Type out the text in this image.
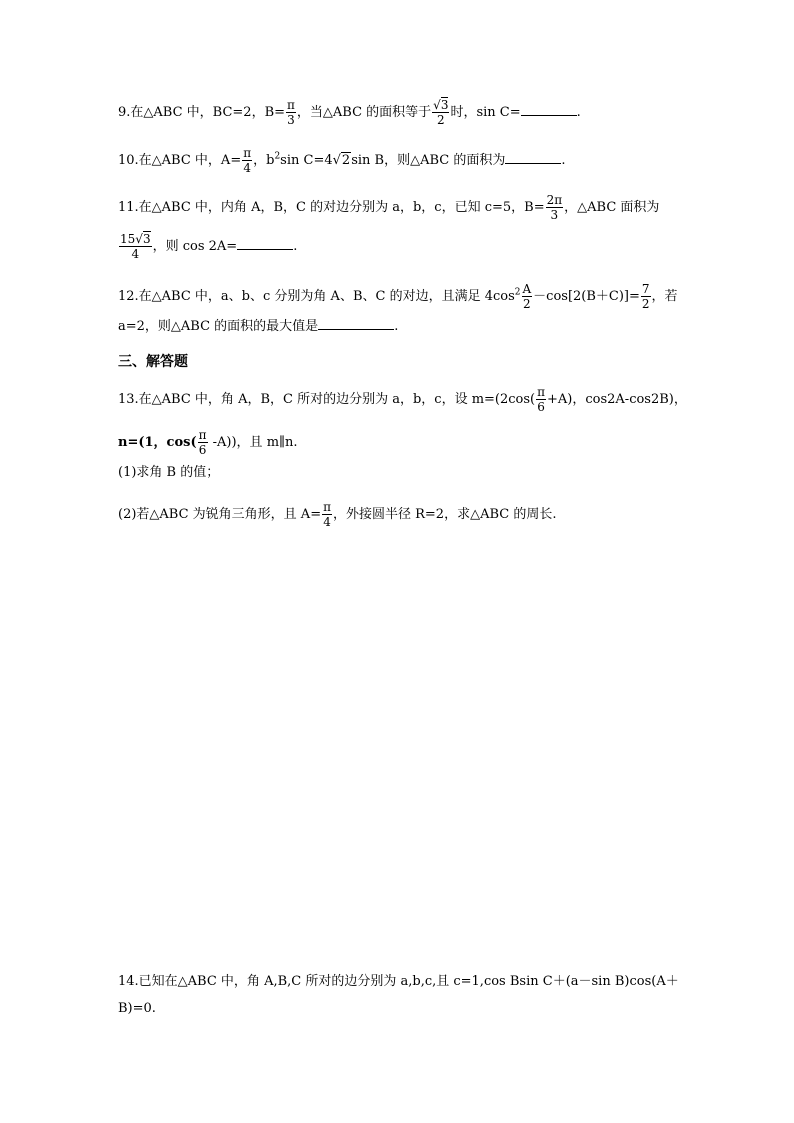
9.在△ABC 中，BC=2，$B= \frac{\pi}{3}$ ，当△ABC 的面积等于 $\frac{√3}{2}$ 时，sin C=	.
10.在△ABC 中，$A= \frac{\pi}{4}$ ，$b^2\sin$ C=4√2sin B，则△ABC 的面积为	.
11.在△ABC 中，内角 A，B，C 的对边分别为 a，b，c，已知 c=5，$B= \frac{2\pi}{3}$ ，△ABC 面积为
$\frac{15√3}{4}$ ，则 cos 2A=	.
12.在△ABC 中，a、b、c 分别为角 A、B、C 的对边，且满足 $4\cos^2 \frac{A}{2} -\cos[2(B+C)]= \frac{7}{2}$ ，若
a=2，则△ABC 的面积的最大值是	.
三、解答题
13.在△ABC 中，角 A，B，C 所对的边分别为 a，b，c，设 $m=(2\cos( \frac{\pi}{6} +A)$，cos2A-cos2B)，
n=(1，$\cos( \frac{\pi}{6} -A)$)，且 m∥n.
(1)求角 B 的值；
(2)若△ABC 为锐角三角形，且 $A= \frac{\pi}{4}$ ，外接圆半径 R=2，求△ABC 的周长.
14.已知在△ABC 中，角 A,B,C 所对的边分别为 a,b,c,且 c=1,cos Bsin C＋(a－sin B)cos(A＋
B)=0.
